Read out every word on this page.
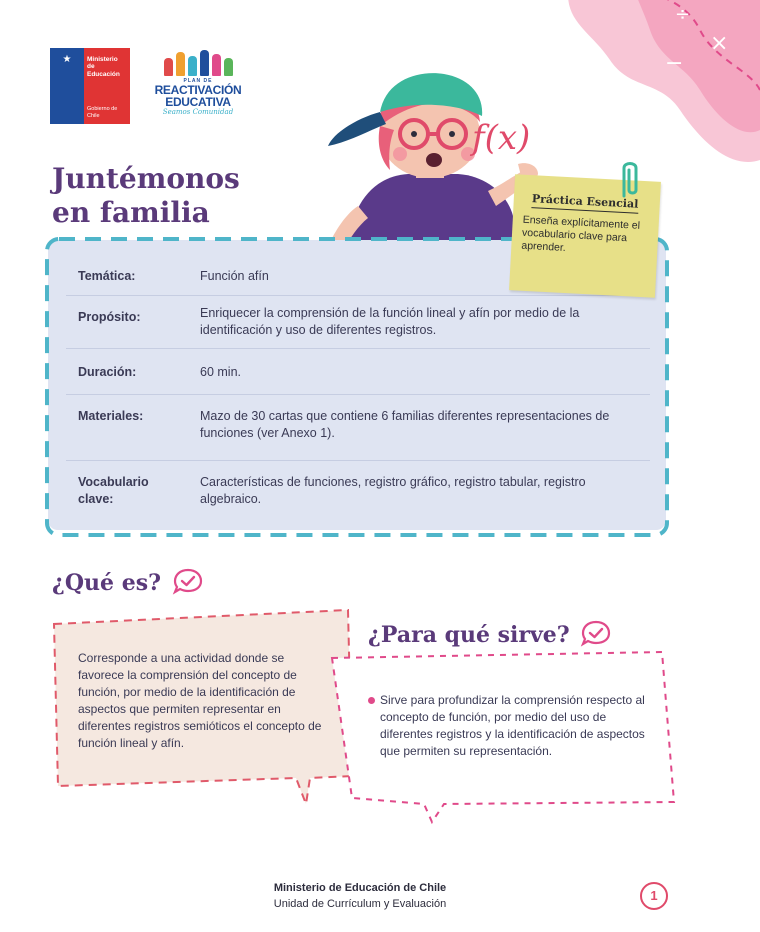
÷
×
−
★	Ministerio de
Educación
Gobierno de Chile
PLAN DE
REACTIVACIÓN
EDUCATIVA
Seamos Comunidad
Juntémonos
en familia
f(x)
Temática:	Función afín
Propósito:	Enriquecer la comprensión de la función lineal y afín por medio de la identificación y uso de diferentes registros.
Duración:	60 min.
Materiales:	Mazo de 30 cartas que contiene 6 familias diferentes representaciones de funciones (ver Anexo 1).
Vocabulario clave:
Características de funciones, registro gráfico, registro tabular, registro algebraico.
Práctica Esencial
Enseña explícitamente el vocabulario clave para aprender.
¿Qué es?
Corresponde a una actividad donde se favorece la comprensión del concepto de función, por medio de la identificación de aspectos que permiten representar en diferentes registros semióticos el concepto de función lineal y afín.
¿Para qué sirve?
Sirve para profundizar la comprensión respecto al concepto de función, por medio del uso de diferentes registros y la identificación de aspectos que permiten su representación.
Ministerio de Educación de Chile
Unidad de Currículum y Evaluación
1
